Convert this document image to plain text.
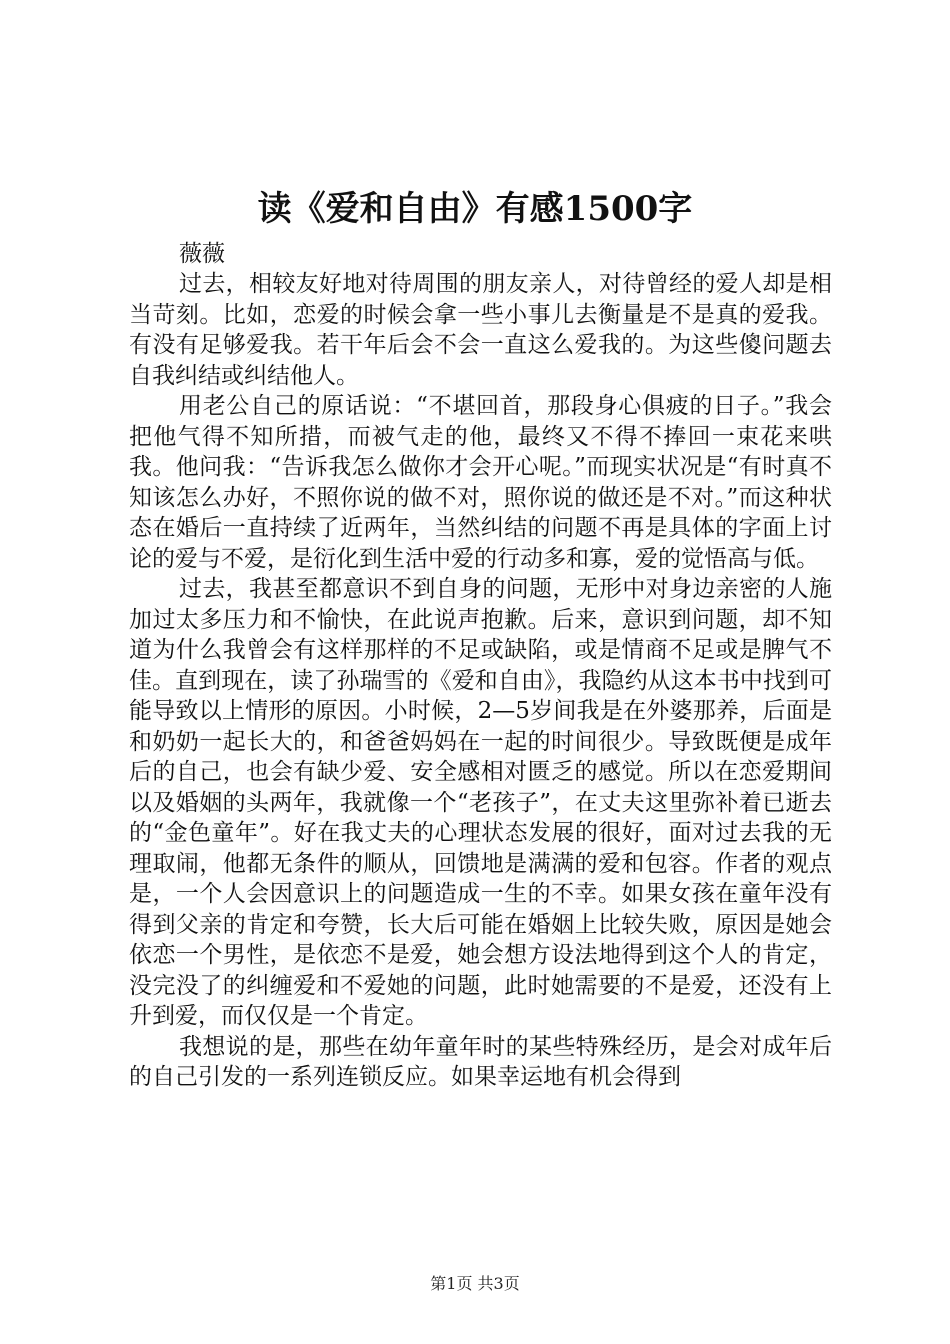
读《爱和自由》有感1500字

薇薇

过去，相较友好地对待周围的朋友亲人，对待曾经的爱人却是相当苛刻。比如，恋爱的时候会拿一些小事儿去衡量是不是真的爱我。有没有足够爱我。若干年后会不会一直这么爱我的。为这些傻问题去自我纠结或纠结他人。

用老公自己的原话说：“不堪回首，那段身心俱疲的日子。”我会把他气得不知所措，而被气走的他，最终又不得不捧回一束花来哄我。他问我：“告诉我怎么做你才会开心呢。”而现实状况是“有时真不知该怎么办好，不照你说的做不对，照你说的做还是不对。”而这种状态在婚后一直持续了近两年，当然纠结的问题不再是具体的字面上讨论的爱与不爱，是衍化到生活中爱的行动多和寡，爱的觉悟高与低。

过去，我甚至都意识不到自身的问题，无形中对身边亲密的人施加过太多压力和不愉快，在此说声抱歉。后来，意识到问题，却不知道为什么我曾会有这样那样的不足或缺陷，或是情商不足或是脾气不佳。直到现在，读了孙瑞雪的《爱和自由》，我隐约从这本书中找到可能导致以上情形的原因。小时候，2—5岁间我是在外婆那养，后面是和奶奶一起长大的，和爸爸妈妈在一起的时间很少。导致既便是成年后的自己，也会有缺少爱、安全感相对匮乏的感觉。所以在恋爱期间以及婚姻的头两年，我就像一个“老孩子”，在丈夫这里弥补着已逝去的“金色童年”。好在我丈夫的心理状态发展的很好，面对过去我的无理取闹，他都无条件的顺从，回馈地是满满的爱和包容。作者的观点是，一个人会因意识上的问题造成一生的不幸。如果女孩在童年没有得到父亲的肯定和夸赞，长大后可能在婚姻上比较失败，原因是她会依恋一个男性，是依恋不是爱，她会想方设法地得到这个人的肯定，没完没了的纠缠爱和不爱她的问题，此时她需要的不是爱，还没有上升到爱，而仅仅是一个肯定。

我想说的是，那些在幼年童年时的某些特殊经历，是会对成年后的自己引发的一系列连锁反应。如果幸运地有机会得到

第1页 共3页
